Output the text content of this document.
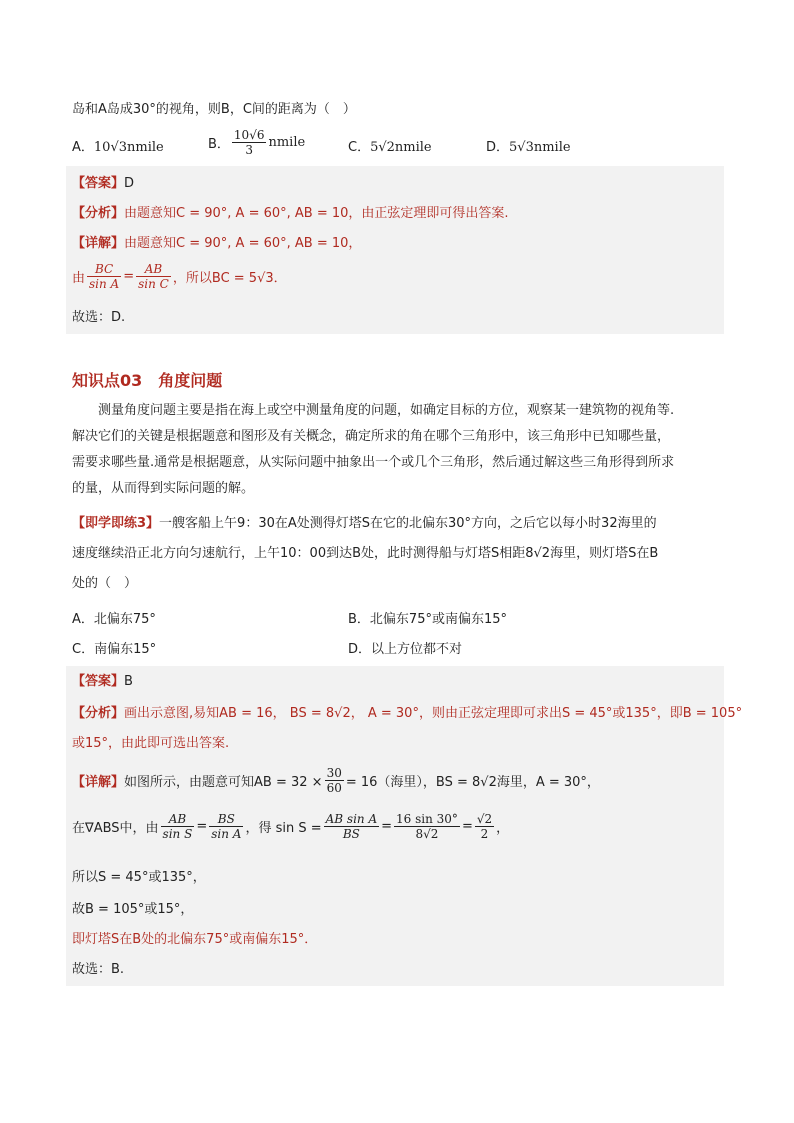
岛和A岛成30°的视角，则B，C间的距离为（　）
A．10√3nmile	B． $\frac{10√6}{3}$ nmile	C．5√2nmile	D．5√3nmile
【答案】D
【分析】由题意知C = 90°, A = 60°, AB = 10，由正弦定理即可得出答案.
【详解】由题意知C = 90°, A = 60°, AB = 10，
由 $\frac{BC}{\text{sin A}} = \frac{AB}{\text{sin C}}$ ，所以BC = 5√3．
故选：D.
知识点03　角度问题
测量角度问题主要是指在海上或空中测量角度的问题，如确定目标的方位，观察某一建筑物的视角等.
解决它们的关键是根据题意和图形及有关概念，确定所求的角在哪个三角形中，该三角形中已知哪些量，
需要求哪些量.通常是根据题意，从实际问题中抽象出一个或几个三角形，然后通过解这些三角形得到所求
的量，从而得到实际问题的解。
【即学即练3】一艘客船上午9：30在A处测得灯塔S在它的北偏东30°方向，之后它以每小时32海里的
速度继续沿正北方向匀速航行，上午10：00到达B处，此时测得船与灯塔S相距8√2海里，则灯塔S在B
处的（　）
A．北偏东75°	B．北偏东75°或南偏东15°
C．南偏东15°	D．以上方位都不对
【答案】B
【分析】画出示意图,易知AB = 16， BS = 8√2， A = 30°，则由正弦定理即可求出S = 45°或135°，即B = 105°
或15°，由此即可选出答案.
【详解】如图所示，由题意可知AB = $32 \times \frac{30}{60} = 16$（海里），BS = 8√2海里，A = 30°，
在∇ABS中，由 $\frac{AB}{\text{sin S}} = \frac{BS}{\text{sin A}}$ ，得 $\sin S = \frac{\text{AB sin A}}{BS} = \frac{16 \sin 30^\circ}{8√2} = \frac{√2}{2}$ ，
所以S = 45°或135°，
故B = 105°或15°，
即灯塔S在B处的北偏东75°或南偏东15°．
故选：B.
